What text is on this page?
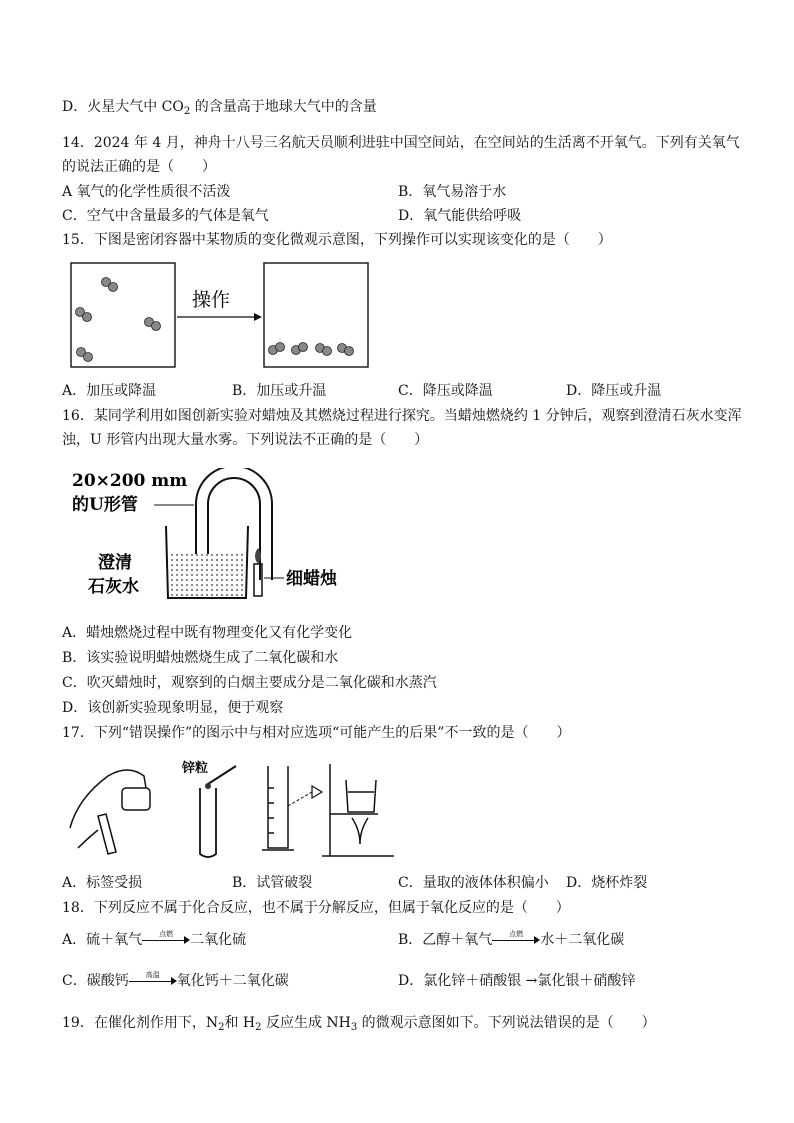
D．火星大气中 $CO_2$ 的含量高于地球大气中的含量
14．2024 年 4 月，神舟十八号三名航天员顺利进驻中国空间站，在空间站的生活离不开氧气。下列有关氧气
的说法正确的是（　　）
A 氧气的化学性质很不活泼	B．氧气易溶于水
C．空气中含量最多的气体是氧气	D．氧气能供给呼吸
15．下图是密闭容器中某物质的变化微观示意图，下列操作可以实现该变化的是（　　）
操作
A．加压或降温	B．加压或升温	C．降压或降温	D．降压或升温
16．某同学利用如图创新实验对蜡烛及其燃烧过程进行探究。当蜡烛燃烧约 1 分钟后，观察到澄清石灰水变浑
浊，U 形管内出现大量水雾。下列说法不正确的是（　　）
20×200 mm
的U形管
澄清
石灰水	细蜡烛
A．蜡烛燃烧过程中既有物理变化又有化学变化
B．该实验说明蜡烛燃烧生成了二氧化碳和水
C．吹灭蜡烛时，观察到的白烟主要成分是二氧化碳和水蒸汽
D．该创新实验现象明显，便于观察
17．下列“错误操作”的图示中与相对应选项“可能产生的后果”不一致的是（　　）
锌粒
A．标签受损	B．试管破裂	C．量取的液体体积偏小 D．烧杯炸裂
18．下列反应不属于化合反应，也不属于分解反应，但属于氧化反应的是（　　）
A．硫＋氧气	点燃	二氧化硫	B．乙醇＋氧气	点燃	水＋二氧化碳
C．碳酸钙	高温	氧化钙＋二氧化碳	D．氯化锌＋硝酸银 →氯化银＋硝酸锌
19．在催化剂作用下，$N_2$和 $H_2$ 反应生成 $NH_3$ 的微观示意图如下。下列说法错误的是（　　）
